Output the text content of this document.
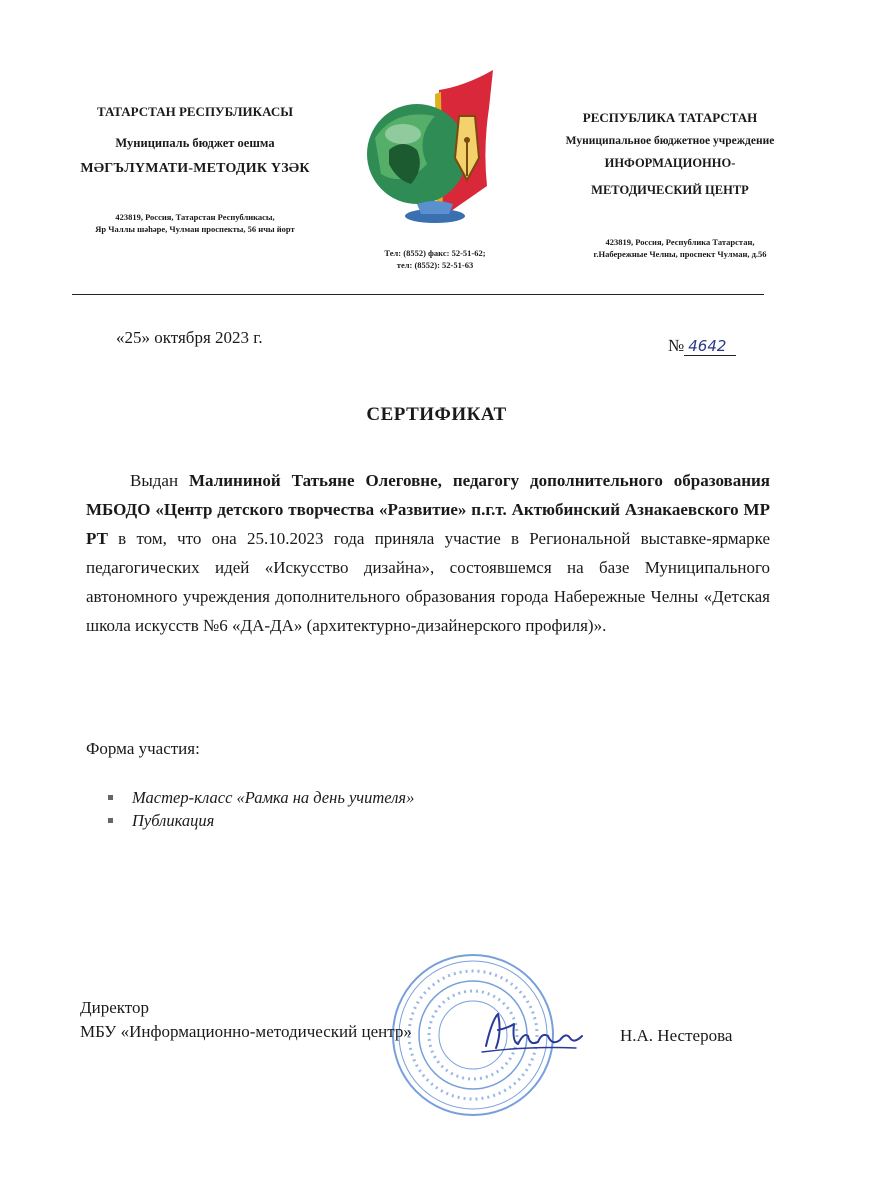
ТАТАРСТАН РЕСПУБЛИКАСЫ
Муниципаль бюджет оешма
МӘГЪЛҮМАТИ-МЕТОДИК ҮЗӘК
423819, Россия, Татарстан Республикасы,
Яр Чаллы шәһәре, Чулман проспекты, 56 нчы йорт
Тел: (8552) факс: 52-51-62;
тел: (8552): 52-51-63
РЕСПУБЛИКА ТАТАРСТАН
Муниципальное бюджетное учреждение
ИНФОРМАЦИОННО-
МЕТОДИЧЕСКИЙ ЦЕНТР
423819, Россия, Республика Татарстан,
г.Набережные Челны, проспект Чулман, д.56
«25» октября 2023 г.	№ 4642
СЕРТИФИКАТ

Выдан Малининой Татьяне Олеговне, педагогу дополнительного образования МБОДО «Центр детского творчества «Развитие» п.г.т. Актюбинский Азнакаевского МР РТ в том, что она 25.10.2023 года приняла участие в Региональной выставке-ярмарке педагогических идей «Искусство дизайна», состоявшемся на базе Муниципального автономного учреждения дополнительного образования города Набережные Челны «Детская школа искусств №6 «ДА-ДА» (архитектурно-дизайнерского профиля)».

Форма участия:
Мастер-класс «Рамка на день учителя»
Публикация
Директор
МБУ «Информационно-методический центр»	Н.А. Нестерова
